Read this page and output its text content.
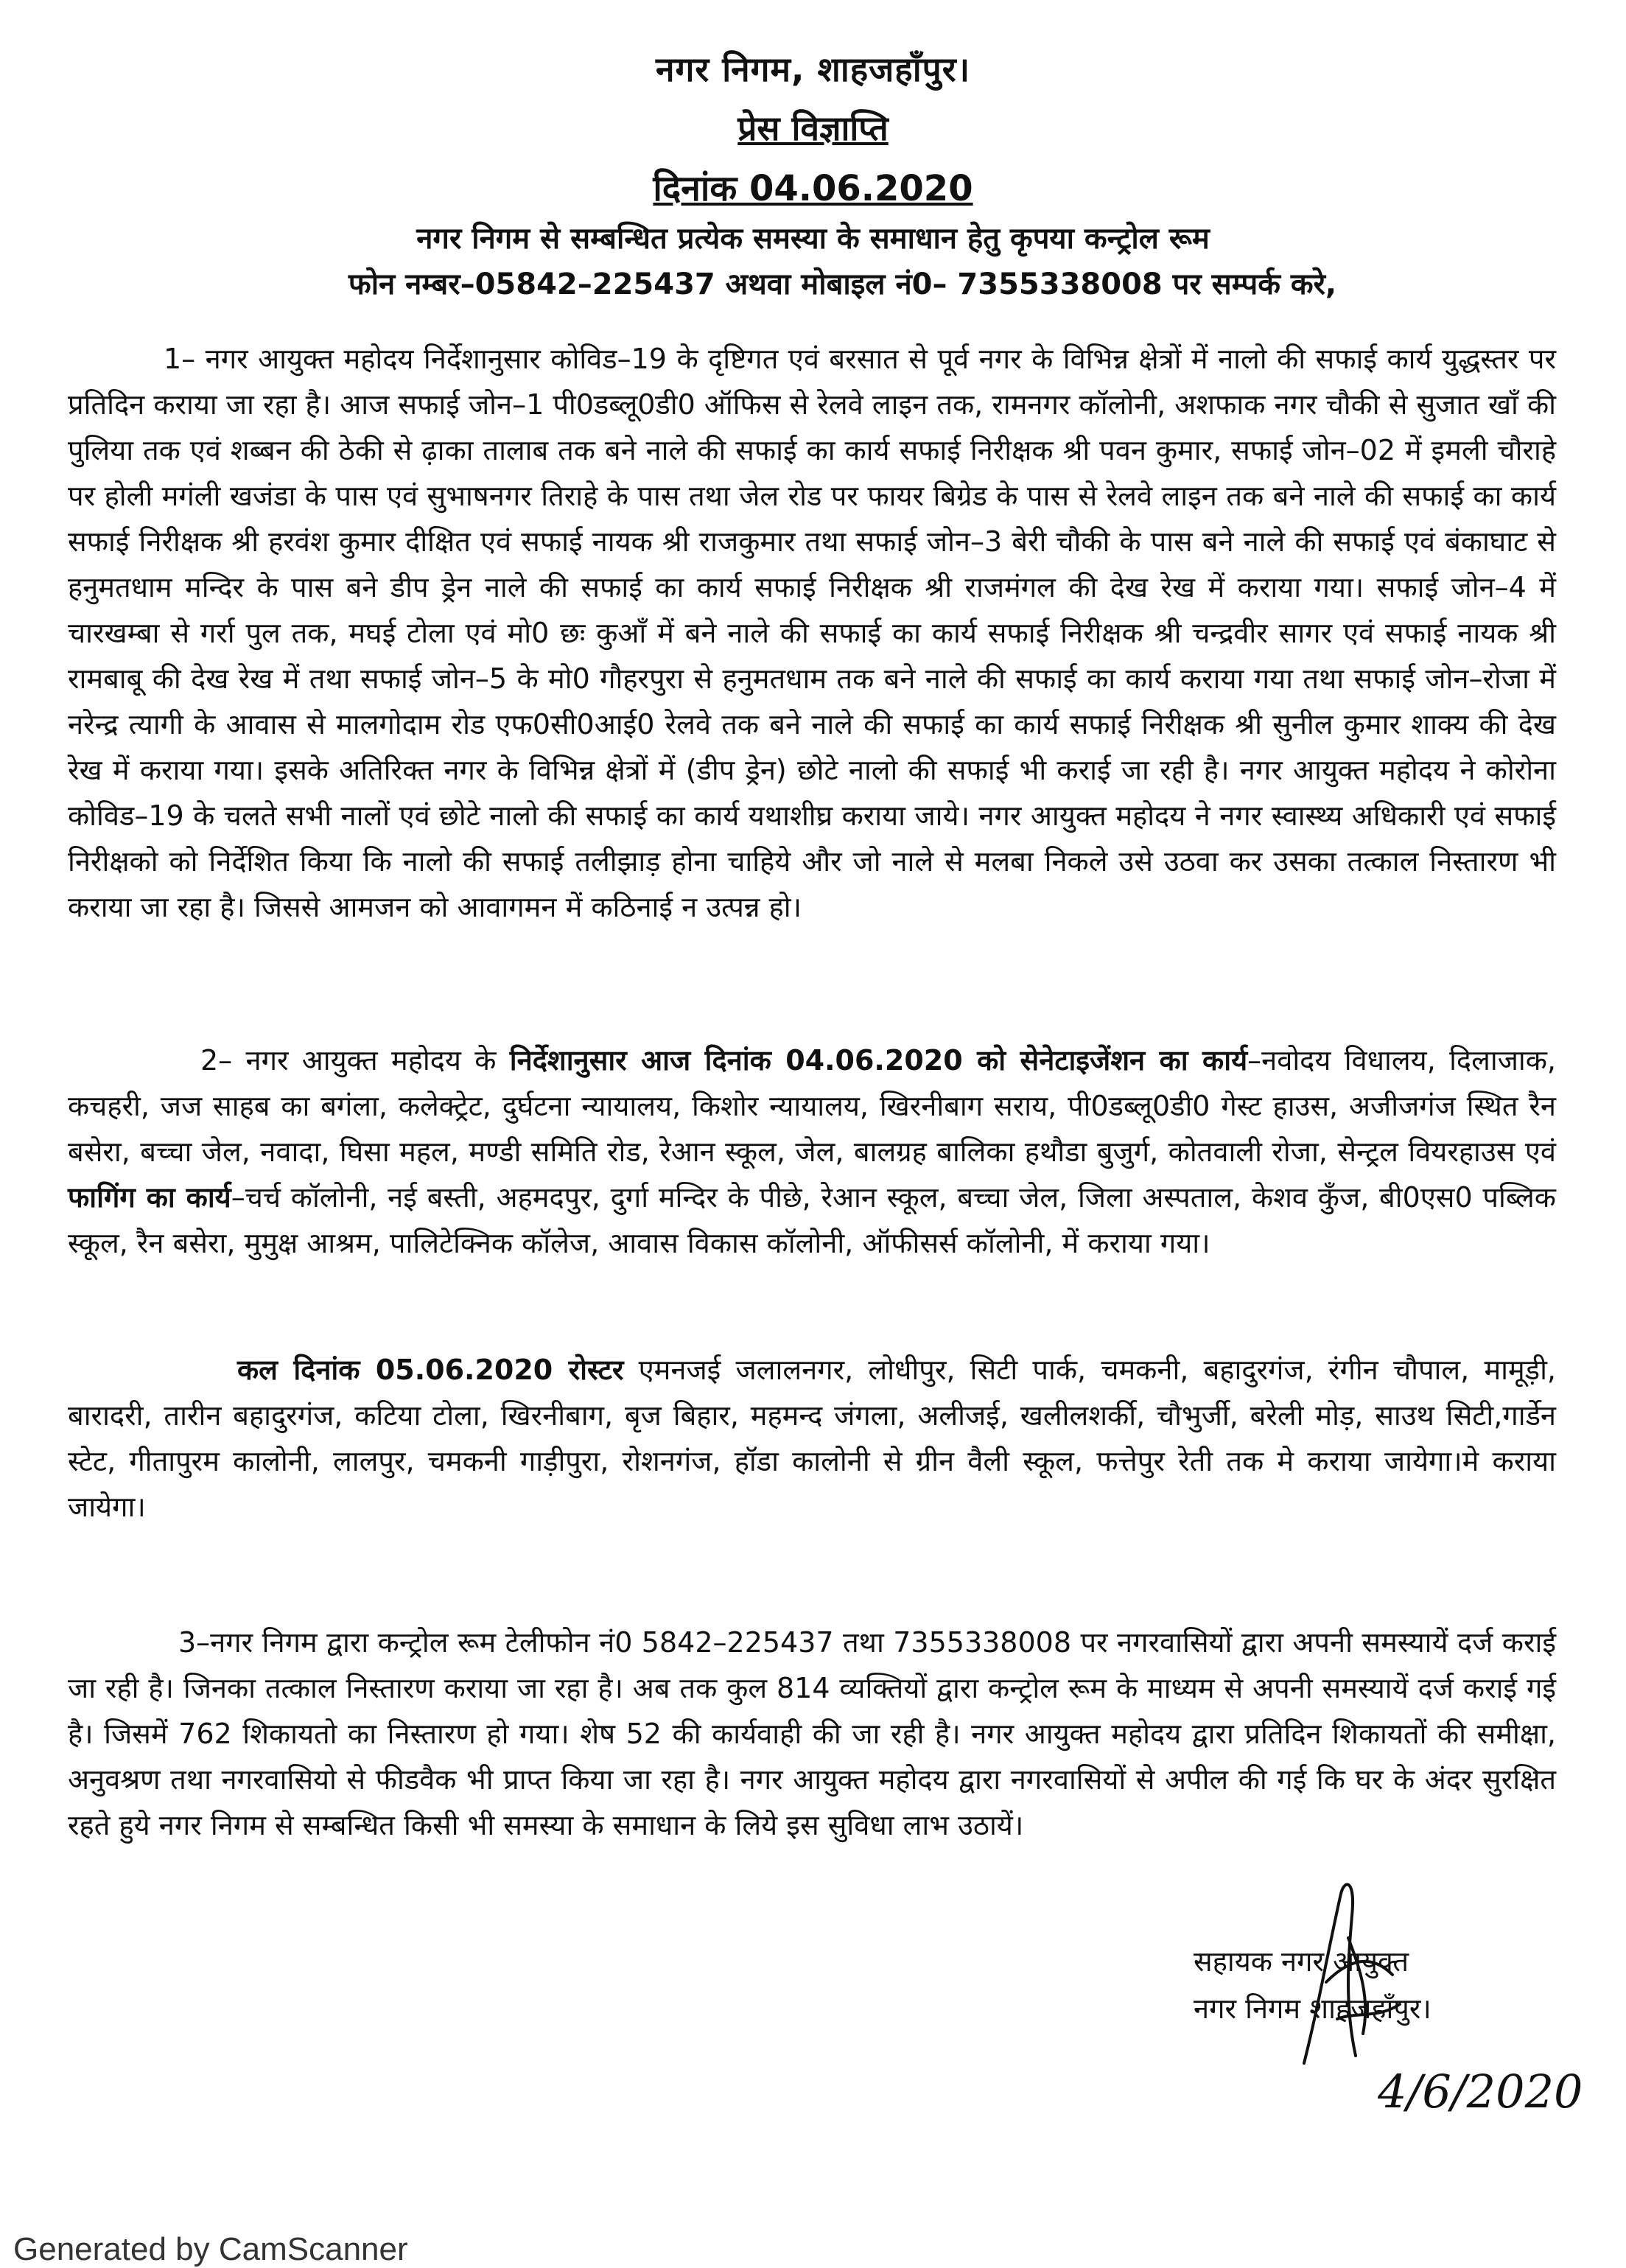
नगर निगम, शाहजहाँपुर।
प्रेस विज्ञाप्ति
दिनांक 04.06.2020
नगर निगम से सम्बन्धित प्रत्येक समस्या के समाधान हेतु कृपया कन्ट्रोल रूम
फोन नम्बर–05842–225437 अथवा मोबाइल नं0– 7355338008 पर सम्पर्क करे,

1– नगर आयुक्त महोदय निर्देशानुसार कोविड–19 के दृष्टिगत एवं बरसात से पूर्व नगर के विभिन्न क्षेत्रों में नालो की सफाई कार्य युद्धस्तर पर प्रतिदिन कराया जा रहा है। आज सफाई जोन–1 पी0डब्लू0डी0 ऑफिस से रेलवे लाइन तक, रामनगर कॉलोनी, अशफाक नगर चौकी से सुजात खाँ की पुलिया तक एवं शब्बन की ठेकी से ढ़ाका तालाब तक बने नाले की सफाई का कार्य सफाई निरीक्षक श्री पवन कुमार, सफाई जोन–02 में इमली चौराहे पर होली मगंली खजंडा के पास एवं सुभाषनगर तिराहे के पास तथा जेल रोड पर फायर बिग्रेड के पास से रेलवे लाइन तक बने नाले की सफाई का कार्य सफाई निरीक्षक श्री हरवंश कुमार दीक्षित एवं सफाई नायक श्री राजकुमार तथा सफाई जोन–3 बेरी चौकी के पास बने नाले की सफाई एवं बंकाघाट से हनुमतधाम मन्दिर के पास बने डीप ड्रेन नाले की सफाई का कार्य सफाई निरीक्षक श्री राजमंगल की देख रेख में कराया गया। सफाई जोन–4 में चारखम्बा से गर्रा पुल तक, मघई टोला एवं मो0 छः कुआँ में बने नाले की सफाई का कार्य सफाई निरीक्षक श्री चन्द्रवीर सागर एवं सफाई नायक श्री रामबाबू की देख रेख में तथा सफाई जोन–5 के मो0 गौहरपुरा से हनुमतधाम तक बने नाले की सफाई का कार्य कराया गया तथा सफाई जोन–रोजा में नरेन्द्र त्यागी के आवास से मालगोदाम रोड एफ0सी0आई0 रेलवे तक बने नाले की सफाई का कार्य सफाई निरीक्षक श्री सुनील कुमार शाक्य की देख रेख में कराया गया। इसके अतिरिक्त नगर के विभिन्न क्षेत्रों में (डीप ड्रेन) छोटे नालो की सफाई भी कराई जा रही है। नगर आयुक्त महोदय ने कोरोना कोविड–19 के चलते सभी नालों एवं छोटे नालो की सफाई का कार्य यथाशीघ्र कराया जाये। नगर आयुक्त महोदय ने नगर स्वास्थ्य अधिकारी एवं सफाई निरीक्षको को निर्देशित किया कि नालो की सफाई तलीझाड़ होना चाहिये और जो नाले से मलबा निकले उसे उठवा कर उसका तत्काल निस्तारण भी कराया जा रहा है। जिससे आमजन को आवागमन में कठिनाई न उत्पन्न हो।

2– नगर आयुक्त महोदय के निर्देशानुसार आज दिनांक 04.06.2020 को सेनेटाइजेंशन का कार्य–नवोदय विधालय, दिलाजाक, कचहरी, जज साहब का बगंला, कलेक्ट्रेट, दुर्घटना न्यायालय, किशोर न्यायालय, खिरनीबाग सराय, पी0डब्लू0डी0 गेस्ट हाउस, अजीजगंज स्थित रैन बसेरा, बच्चा जेल, नवादा, घिसा महल, मण्डी समिति रोड, रेआन स्कूल, जेल, बालग्रह बालिका हथौडा बुजुर्ग, कोतवाली रोजा, सेन्ट्रल वियरहाउस एवं फागिंग का कार्य–चर्च कॉलोनी, नई बस्ती, अहमदपुर, दुर्गा मन्दिर के पीछे, रेआन स्कूल, बच्चा जेल, जिला अस्पताल, केशव कुँज, बी0एस0 पब्लिक स्कूल, रैन बसेरा, मुमुक्ष आश्रम, पालिटेक्निक कॉलेज, आवास विकास कॉलोनी, ऑफीसर्स कॉलोनी, में कराया गया।

कल दिनांक 05.06.2020 रोस्टर एमनजई जलालनगर, लोधीपुर, सिटी पार्क, चमकनी, बहादुरगंज, रंगीन चौपाल, मामूड़ी, बारादरी, तारीन बहादुरगंज, कटिया टोला, खिरनीबाग, बृज बिहार, महमन्द जंगला, अलीजई, खलीलशर्की, चौभुर्जी, बरेली मोड़, साउथ सिटी,गार्डेन स्टेट, गीतापुरम कालोनी, लालपुर, चमकनी गाड़ीपुरा, रोशनगंज, हॉडा कालोनी से ग्रीन वैली स्कूल, फत्तेपुर रेती तक मे कराया जायेगा।मे कराया जायेगा।

3–नगर निगम द्वारा कन्ट्रोल रूम टेलीफोन नं0 5842–225437 तथा 7355338008 पर नगरवासियों द्वारा अपनी समस्यायें दर्ज कराई जा रही है। जिनका तत्काल निस्तारण कराया जा रहा है। अब तक कुल 814 व्यक्तियों द्वारा कन्ट्रोल रूम के माध्यम से अपनी समस्यायें दर्ज कराई गई है। जिसमें 762 शिकायतो का निस्तारण हो गया। शेष 52 की कार्यवाही की जा रही है। नगर आयुक्त महोदय द्वारा प्रतिदिन शिकायतों की समीक्षा, अनुवश्रण तथा नगरवासियो से फीडवैक भी प्राप्त किया जा रहा है। नगर आयुक्त महोदय द्वारा नगरवासियों से अपील की गई कि घर के अंदर सुरक्षित रहते हुये नगर निगम से सम्बन्धित किसी भी समस्या के समाधान के लिये इस सुविधा लाभ उठायें।

सहायक नगर आयुक्त
नगर निगम शाहजहाँपुर।
4/6/2020
Generated by CamScanner
